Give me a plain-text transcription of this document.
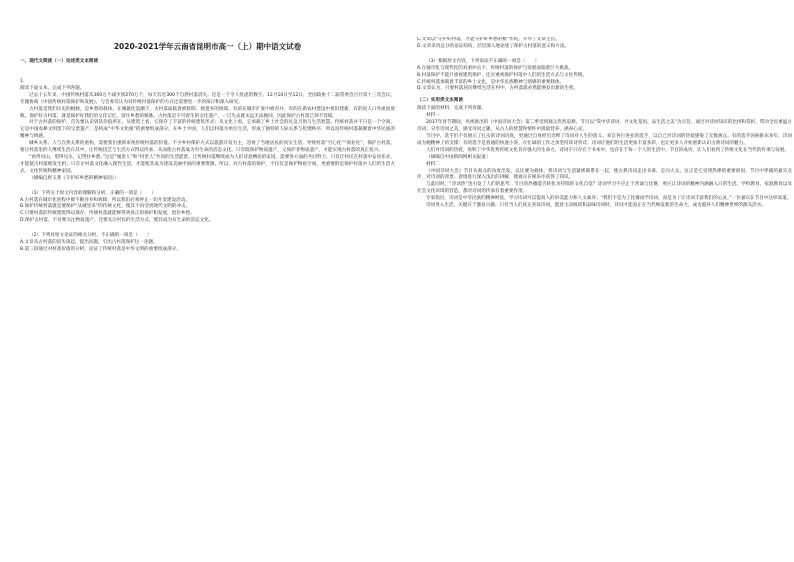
2020-2021学年云南省昆明市高一（上）期中语文试卷
一、现代文阅读（一）论述类文本阅读

1.

阅读下面文本，完成下列各题。

过去十五年来，中国传统村落从360万个减少到270万个，每天有近300个自然村落消失。这是一个令人忧虑的数字。12月10日至12日，全国政协十二届常委会召开第十三次会议，专题协商《中国传统村落保护和发展》，与会委员认为对传统村落保护的方式还需要进一步的探讨和深入研究。

古村落是我们历史的根脉，是乡愁的载体。在城镇化浪潮下，古村落面临着被拆除、被遗弃的困境，有的在城市扩张中被吞并，有的在新农村建设中拆旧建新，有的因人口外流而衰败。保护好古村落，就是保护好我们的文化记忆，留住乡愁的根脉。古村落是不可再生的文化遗产，一旦失去就永远无法挽回，因此保护古村落已刻不容缓。

对于古村落的保护，首先要认识到其价值所在。从建筑上看，它保存了丰富的传统建筑形式；从文化上看，它承载了乡土社会的礼仪习俗与生活智慧。传统村落并不只是一个空间，它是中国农耕文明留下的宝贵遗产，是构成“中华文化根”的重要组成部分。在乡土中国，人们以村落为单位生活，形成了独特的人际关系与伦理秩序，所以说传统村落凝聚着中华民族的精神与情感。

城乡关系、人与自然关系的重构，需要我们重新审视传统村落的价值。不少乡村保护方式以旅游开发为主，忽视了当地居民的真实生活，导致村落“空心化”“商业化”。保护古村落，要让村落里的人继续生活在其中，让传统技艺与生活方式得以传承，从而使古村落成为有生命的活态文化。只有既保护物质遗产，又保护非物质遗产，才能实现古村落的真正复兴。

“看得见山，望得见水，记得住乡愁。”这是“城里人”和“村里人”共同的生活愿景。让传统村落继续成为人们诗意栖居的家园，需要各方面的共同努力。只有让村民在村落中安居乐业，才能使古村落焕发生机；只有让村落文化融入现代生活，才能使其成为建设美丽中国的重要资源。所以，对古村落的保护，不仅仅是保护物质空间，更重要的是保护村落中人们的生活方式、文化传统和精神家园。

（摘编自唐玉著《守护好乡愁的精神家园》）

（1）下列关于原文内容的理解和分析，正确的一项是（　　）

A.古村落在城市化进程中被不断吞并和拆除，所以我们必须停止一切开发建设活动。

B.保护传统村落就是要保护“从城里来”的传统文化，使其不再受到现代文明的冲击。

C.只要村落的传统建筑得以保存，传统村落就能够得到真正的保护和发展，留住乡愁。

D.保护古村落，不仅要关注物质遗产，还要关注村民的生活方式，使其成为有生命的活态文化。

（2）下列对原文论证的相关分析，不正确的一项是（　　）

A.文章从古村落的消失谈起，提出问题，引出古村落保护这一论题。

B.第三段通过对村落价值的分析，论证了传统村落是中华文明的重要组成部分。

C.文章以“守护好村落，才能守护好乡愁的根”作结，升华了文章主旨。

D.文章采用总分的论证结构，层层深入地论述了保护古村落的意义和方法。

（3）根据原文内容，下列说法不正确的一项是（　　）

A.在城市化与现代化的双重冲击下，传统村落的保护与发展面临着巨大挑战。

B.村落保护不能只重视建筑保护，还应重视保护村落中人们的生活方式与文化传统。

C.传统村落承载着丰富的乡土文化，是中华民族精神与情感的重要载体。

D.文章认为，只要村落居民继续生活在村中，古村落就必然能焕发出新的生机。

（二）实用类文本阅读

阅读下面的材料，完成下列各题。

材料一

2017年春节期间，央视推出的《中国诗词大会》第二季受到观众热烈追捧。节目以“赏中华诗词、寻文化基因、品生活之美”为宗旨，通过对诗词知识的比拼和赏析，带动全民重温古诗词，分享诗词之美，感受诗词之趣，从古人的智慧和情怀中汲取营养，涵养心灵。

节目中，选手们不仅展示了扎实的诗词功底，更通过自身经历诠释了诗词对人生的意义。来自各行各业的选手，以自己对诗词的热爱感染了无数观众。有的选手因病卧床多年，诗词成为她精神上的支撑；有的选手是普通的快递小哥，在忙碌的工作之余坚持读诗背诗。诗词让他们的生活更加丰富多彩，也让更多人开始重新认识古典诗词的魅力。

人们对诗词的热爱，说明了中华优秀传统文化具有强大的生命力。诗词不只存在于书本中，也存在于每一个人的生活中。节目的成功，让人们看到了传统文化在当代的传承与发展。

（摘编自中国新闻网相关报道）

材料二

《中国诗词大会》节目从观众的角度出发，以比赛为载体，将诗词与生活紧密联系在一起，使古典诗词走出书斋、走向大众，这正是它受到热捧的重要原因。节目中穿插的嘉宾点评，对诗词的背景、意境进行深入浅出的讲解，使观众在娱乐中获得了知识。

与此同时，“诗词热”也引发了人们的思考：节目的热播能否转化为持续的文化自觉？诗词学习不应止于背诵与比赛，更应让诗词的精神内涵融入日常生活。学校教育、家庭教育以及社会文化环境的营造，都对诗词的传承有着重要作用。

专家指出，诗词是中华民族的精神财富，学习诗词可以提高人的审美能力和人文素养。“我们不是为了比赛而学诗词，而是为了让诗词丰富我们的心灵。”一位嘉宾在节目中这样说道。

诗词进入生活，关键在于激发兴趣。只有当人们真正喜欢诗词，愿意主动阅读和品味诗词时，诗词才能真正在当代焕发新的生命力，成为滋养人们精神世界的源头活水。
